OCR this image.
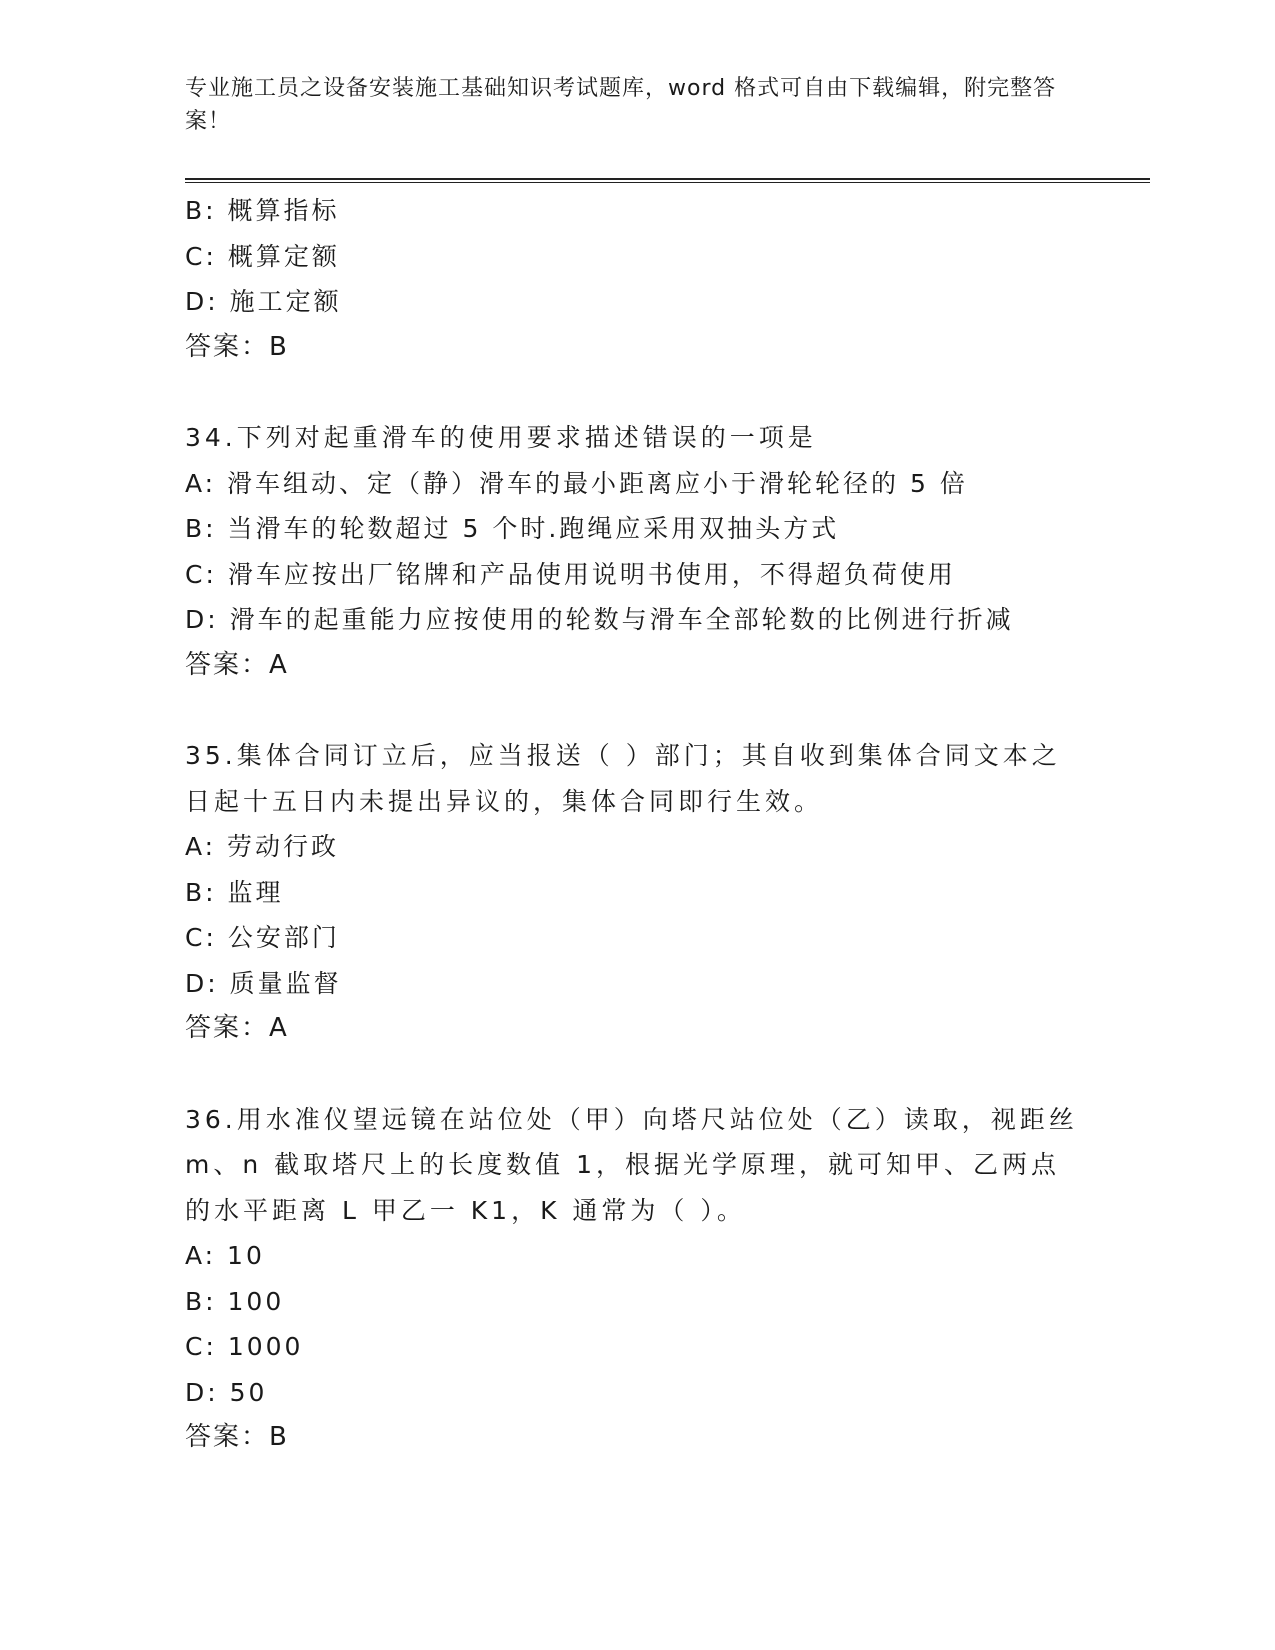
专业施工员之设备安装施工基础知识考试题库，word 格式可自由下载编辑，附完整答案！
B: 概算指标
C: 概算定额
D: 施工定额
答案：B
34.下列对起重滑车的使用要求描述错误的一项是
A: 滑车组动、定（静）滑车的最小距离应小于滑轮轮径的 5 倍
B: 当滑车的轮数超过 5 个时.跑绳应采用双抽头方式
C: 滑车应按出厂铭牌和产品使用说明书使用，不得超负荷使用
D: 滑车的起重能力应按使用的轮数与滑车全部轮数的比例进行折减
答案：A
35.集体合同订立后，应当报送（ ）部门；其自收到集体合同文本之日起十五日内未提出异议的，集体合同即行生效。
A: 劳动行政
B: 监理
C: 公安部门
D: 质量监督
答案：A
36.用水准仪望远镜在站位处（甲）向塔尺站位处（乙）读取，视距丝m、n 截取塔尺上的长度数值 1，根据光学原理，就可知甲、乙两点的水平距离 L 甲乙一 K1，K 通常为（ ）。
A: 10
B: 100
C: 1000
D: 50
答案：B
